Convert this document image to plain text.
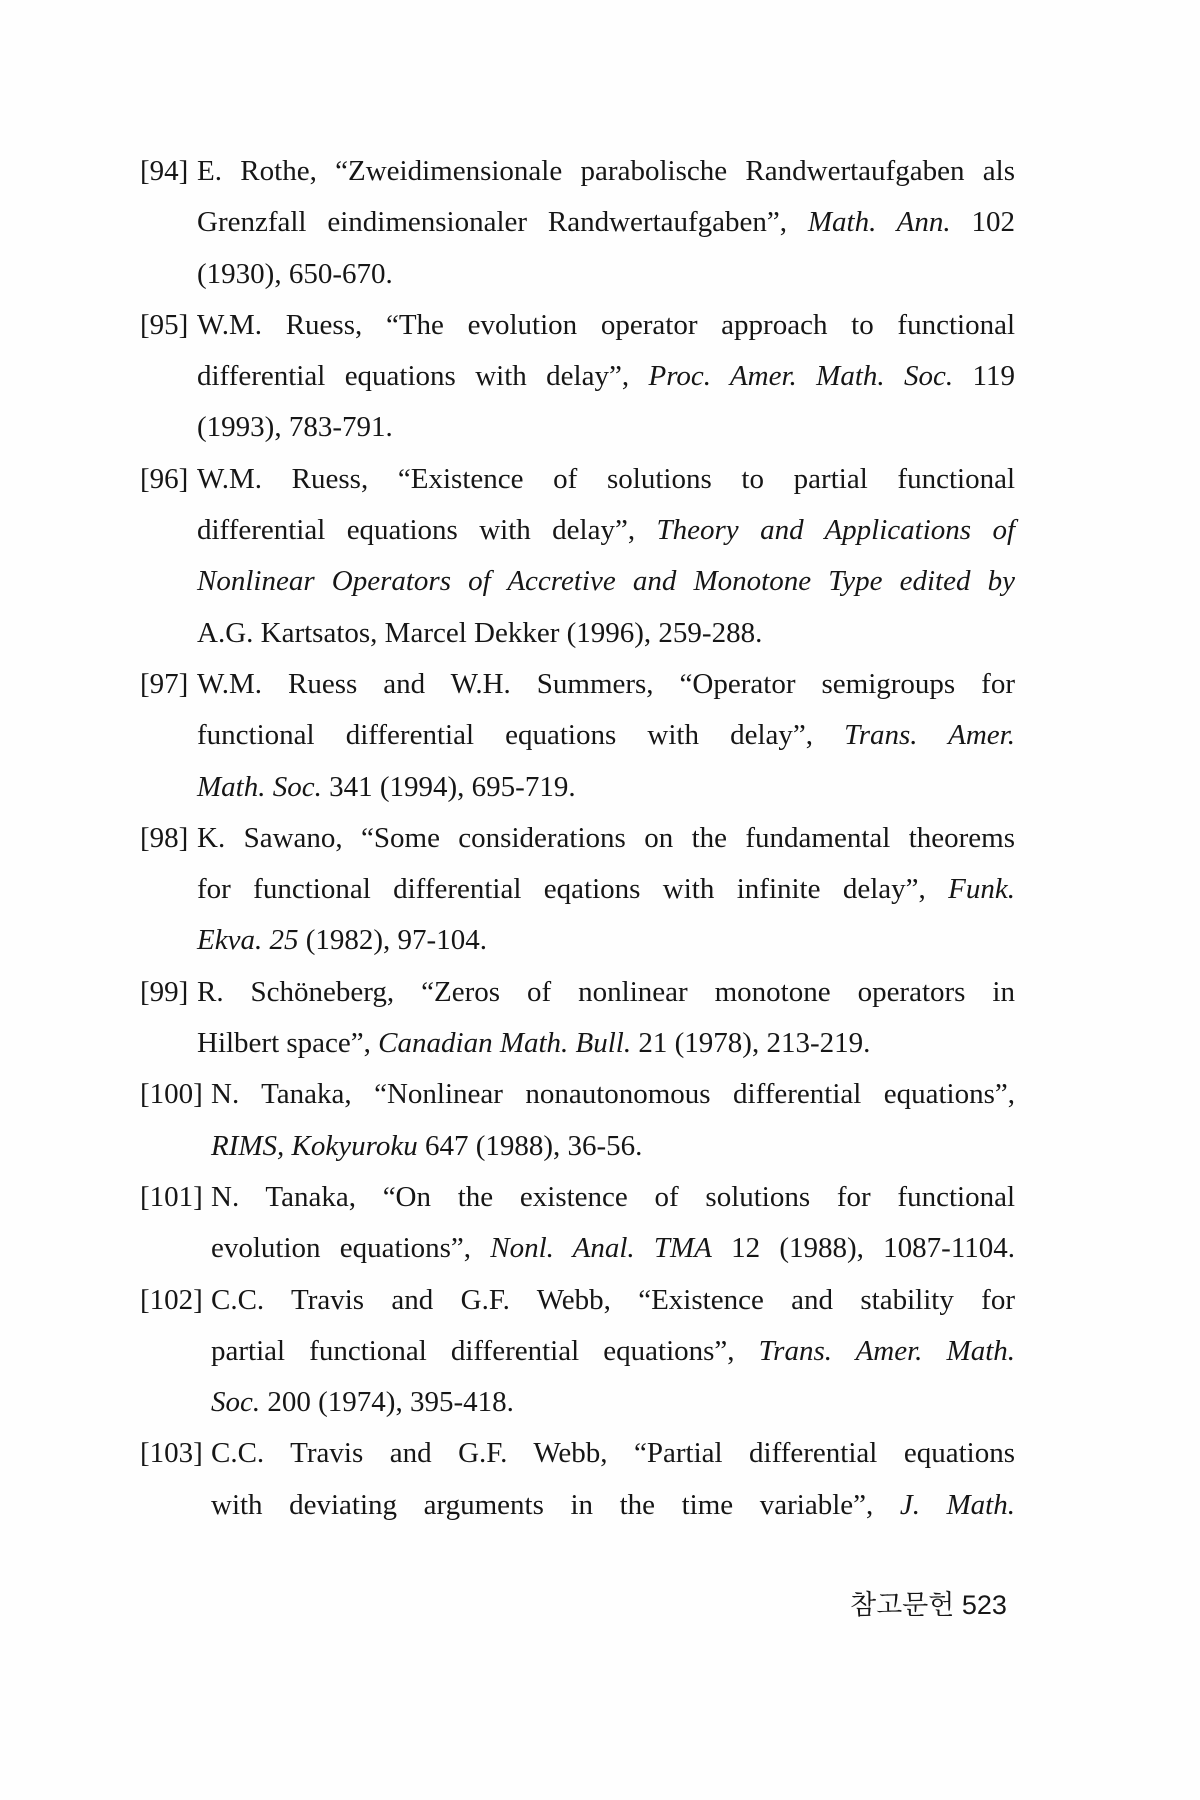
[94] E. Rothe, “Zweidimensionale parabolische Randwertaufgaben als
Grenzfall eindimensionaler Randwertaufgaben”, Math. Ann. 102
(1930), 650-670.
[95] W.M. Ruess, “The evolution operator approach to functional
differential equations with delay”, Proc. Amer. Math. Soc. 119
(1993), 783-791.
[96] W.M. Ruess, “Existence of solutions to partial functional
differential equations with delay”, Theory and Applications of
Nonlinear Operators of Accretive and Monotone Type edited by
A.G. Kartsatos, Marcel Dekker (1996), 259-288.
[97] W.M. Ruess and W.H. Summers, “Operator semigroups for
functional differential equations with delay”, Trans. Amer.
Math. Soc. 341 (1994), 695-719.
[98] K. Sawano, “Some considerations on the fundamental theorems
for functional differential eqations with infinite delay”, Funk.
Ekva. 25 (1982), 97-104.
[99] R. Schöneberg, “Zeros of nonlinear monotone operators in
Hilbert space”, Canadian Math. Bull. 21 (1978), 213-219.
[100] N. Tanaka, “Nonlinear nonautonomous differential equations”,
RIMS, Kokyuroku 647 (1988), 36-56.
[101] N. Tanaka, “On the existence of solutions for functional
evolution equations”, Nonl. Anal. TMA 12 (1988), 1087-1104.
[102] C.C. Travis and G.F. Webb, “Existence and stability for
partial functional differential equations”, Trans. Amer. Math.
Soc. 200 (1974), 395-418.
[103] C.C. Travis and G.F. Webb, “Partial differential equations
with deviating arguments in the time variable”, J. Math.
참고문헌 523
